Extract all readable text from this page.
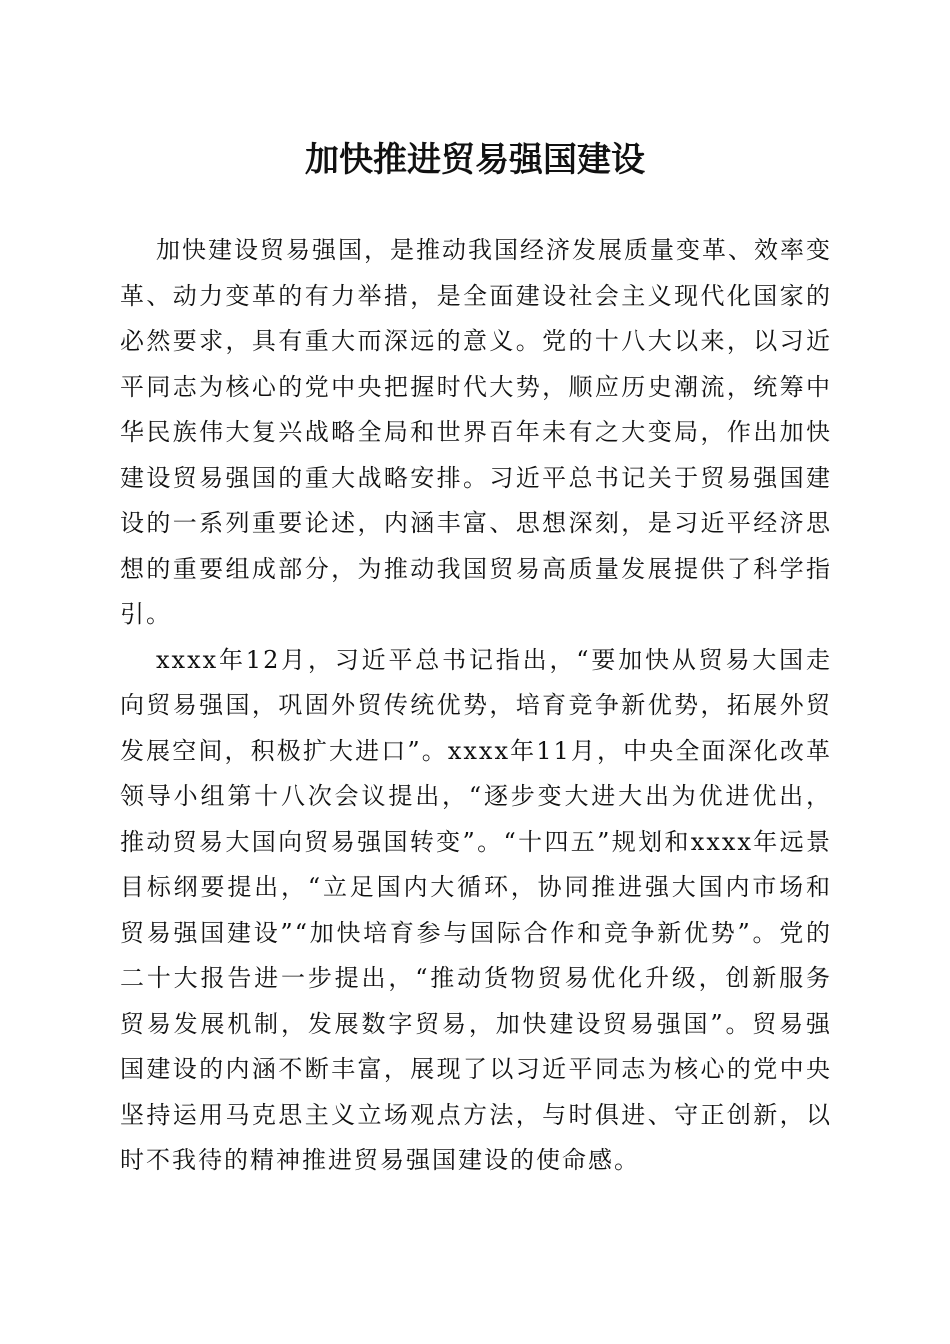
加快推进贸易强国建设

加快建设贸易强国，是推动我国经济发展质量变革、效率变革、动力变革的有力举措，是全面建设社会主义现代化国家的必然要求，具有重大而深远的意义。党的十八大以来，以习近平同志为核心的党中央把握时代大势，顺应历史潮流，统筹中华民族伟大复兴战略全局和世界百年未有之大变局，作出加快建设贸易强国的重大战略安排。习近平总书记关于贸易强国建设的一系列重要论述，内涵丰富、思想深刻，是习近平经济思想的重要组成部分，为推动我国贸易高质量发展提供了科学指引。

xxxx年12月，习近平总书记指出，“要加快从贸易大国走向贸易强国，巩固外贸传统优势，培育竞争新优势，拓展外贸发展空间，积极扩大进口”。xxxx年11月，中央全面深化改革领导小组第十八次会议提出，“逐步变大进大出为优进优出，推动贸易大国向贸易强国转变”。“十四五”规划和xxxx年远景目标纲要提出，“立足国内大循环，协同推进强大国内市场和贸易强国建设”“加快培育参与国际合作和竞争新优势”。党的二十大报告进一步提出，“推动货物贸易优化升级，创新服务贸易发展机制，发展数字贸易，加快建设贸易强国”。贸易强国建设的内涵不断丰富，展现了以习近平同志为核心的党中央坚持运用马克思主义立场观点方法，与时俱进、守正创新，以时不我待的精神推进贸易强国建设的使命感。
